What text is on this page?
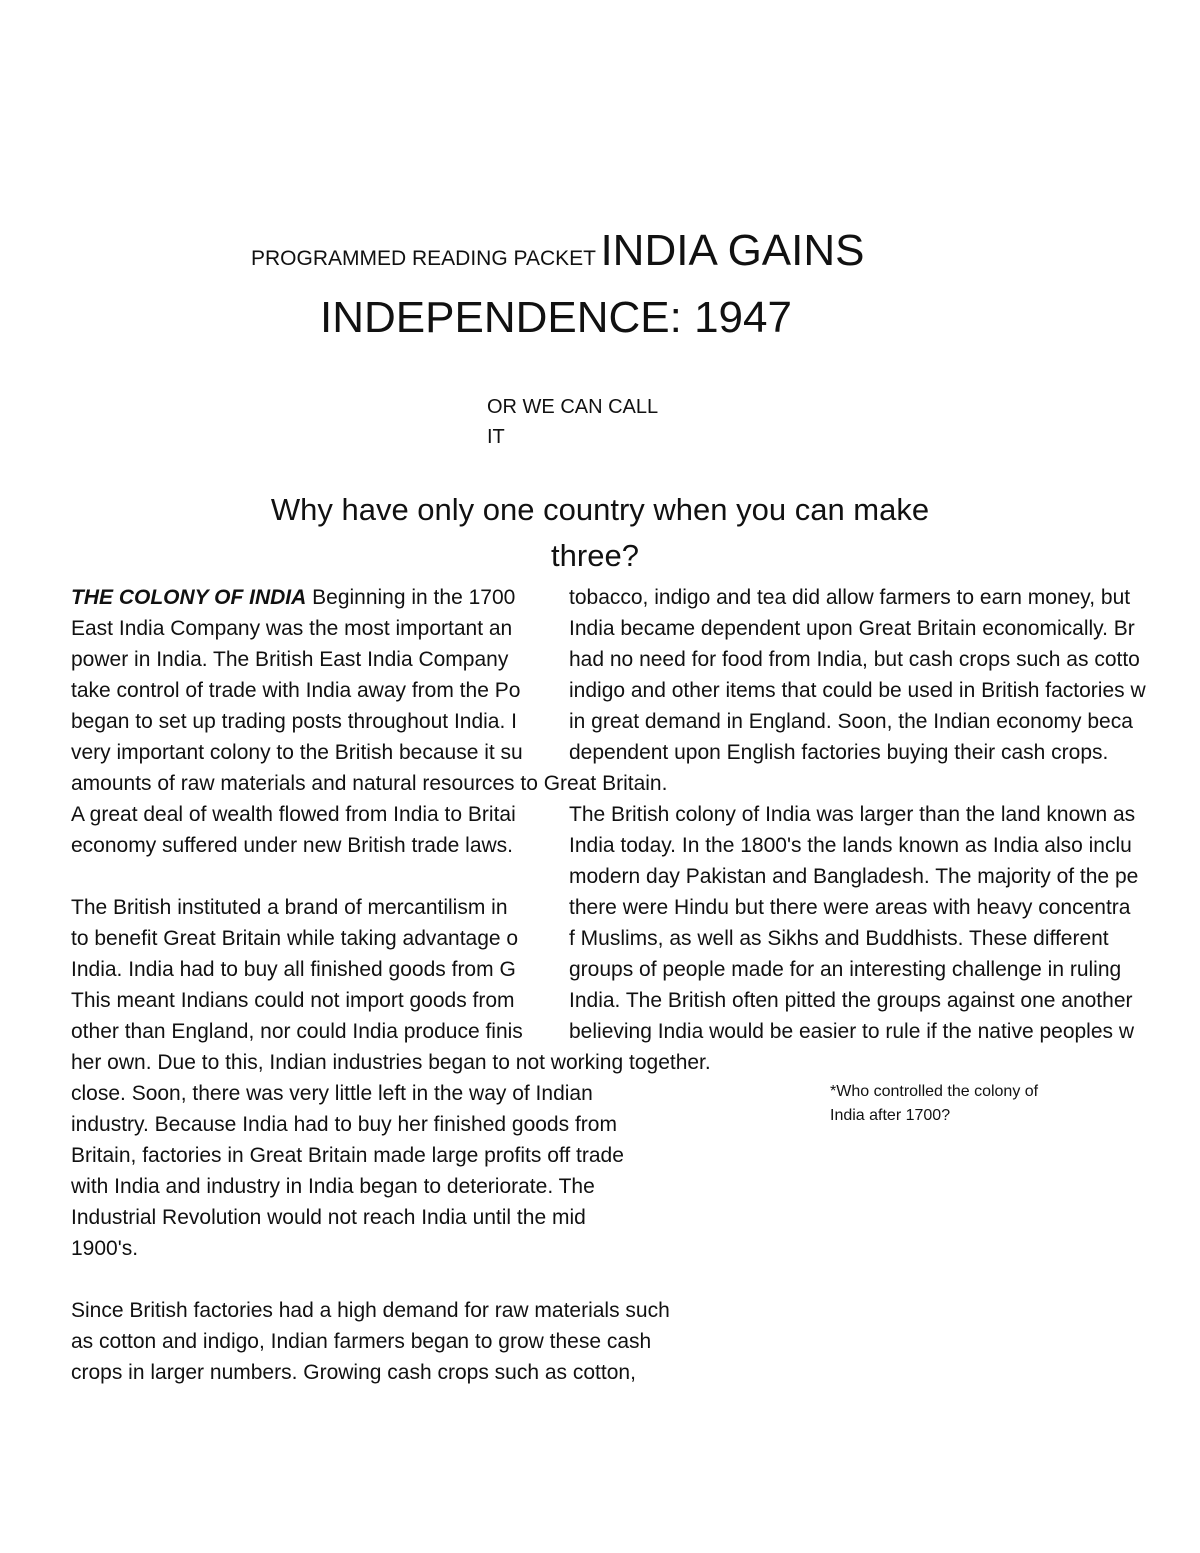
PROGRAMMED READING PACKET INDIA GAINS
INDEPENDENCE: 1947
OR WE CAN CALL
IT
Why have only one country when you can make
three?
THE COLONY OF INDIA Beginning in the 1700
East India Company was the most important an
power in India. The British East India Company
take control of trade with India away from the Po
began to set up trading posts throughout India. I
very important colony to the British because it su
amounts of raw materials and natural resources to Great Britain.
A great deal of wealth flowed from India to Britai
economy suffered under new British trade laws.
The British instituted a brand of mercantilism in
to benefit Great Britain while taking advantage o
India. India had to buy all finished goods from G
This meant Indians could not import goods from
other than England, nor could India produce finis
her own. Due to this, Indian industries began to not working together.
tobacco, indigo and tea did allow farmers to earn money, but
India became dependent upon Great Britain economically. Br
had no need for food from India, but cash crops such as cotto
indigo and other items that could be used in British factories w
in great demand in England. Soon, the Indian economy beca
dependent upon English factories buying their cash crops.
The British colony of India was larger than the land known as
India today. In the 1800's the lands known as India also inclu
modern day Pakistan and Bangladesh. The majority of the pe
there were Hindu but there were areas with heavy concentra
f Muslims, as well as Sikhs and Buddhists. These different
groups of people made for an interesting challenge in ruling
India. The British often pitted the groups against one another
believing India would be easier to rule if the native peoples w
close. Soon, there was very little left in the way of Indian
industry. Because India had to buy her finished goods from
Britain, factories in Great Britain made large profits off trade
with India and industry in India began to deteriorate. The
Industrial Revolution would not reach India until the mid
1900's.
Since British factories had a high demand for raw materials such
as cotton and indigo, Indian farmers began to grow these cash
crops in larger numbers. Growing cash crops such as cotton,
*Who controlled the colony of
India after 1700?
